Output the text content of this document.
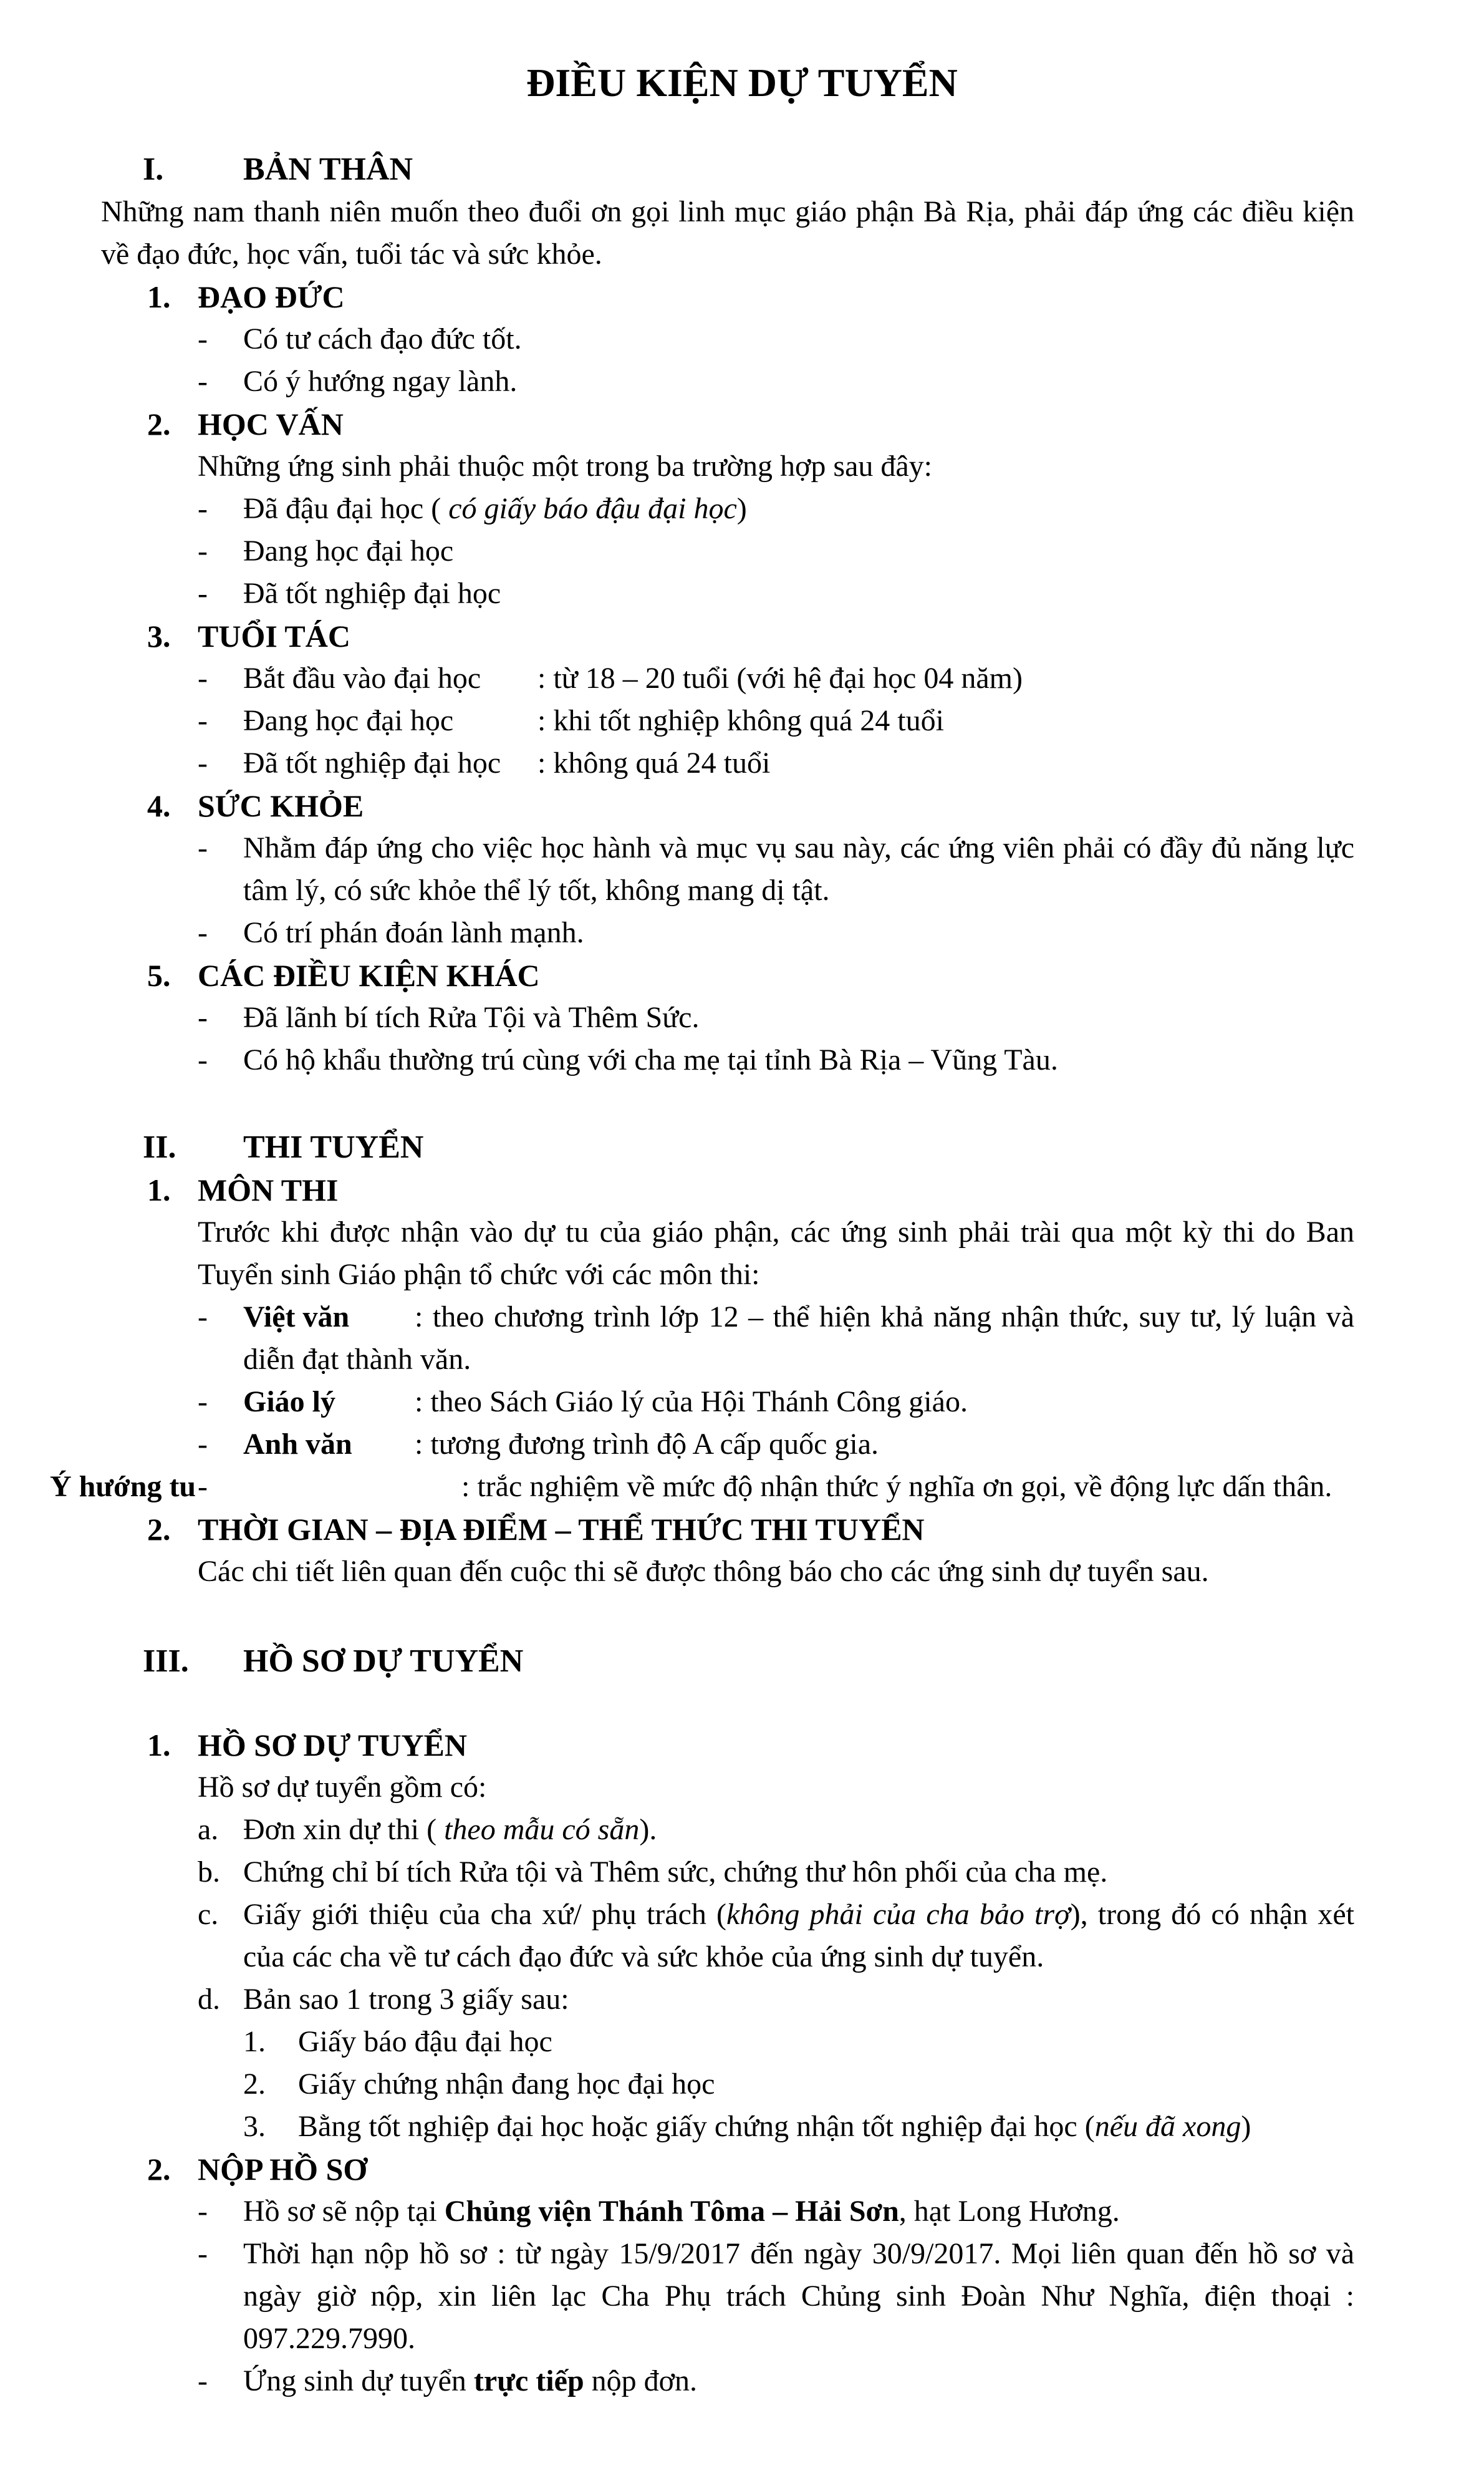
ĐIỀU KIỆN DỰ TUYỂN
I.	BẢN THÂN
Những nam thanh niên muốn theo đuổi ơn gọi linh mục giáo phận Bà Rịa, phải đáp ứng các điều kiện về đạo đức, học vấn, tuổi tác và sức khỏe.
1. ĐẠO ĐỨC
-	Có tư cách đạo đức tốt.
-	Có ý hướng ngay lành.
2. HỌC VẤN
Những ứng sinh phải thuộc một trong ba trường hợp sau đây:
-	Đã đậu đại học ( có giấy báo đậu đại học)
-	Đang học đại học
-	Đã tốt nghiệp đại học
3. TUỔI TÁC
-	Bắt đầu vào đại học : từ 18 – 20 tuổi (với hệ đại học 04 năm)
-	Đang học đại học	: khi tốt nghiệp không quá 24 tuổi
-	Đã tốt nghiệp đại học : không quá 24 tuổi
4. SỨC KHỎE
-	Nhằm đáp ứng cho việc học hành và mục vụ sau này, các ứng viên phải có đầy đủ năng lực tâm lý, có sức khỏe thể lý tốt, không mang dị tật.
-	Có trí phán đoán lành mạnh.
5. CÁC ĐIỀU KIỆN KHÁC
-	Đã lãnh bí tích Rửa Tội và Thêm Sức.
-	Có hộ khẩu thường trú cùng với cha mẹ tại tỉnh Bà Rịa – Vũng Tàu.
II.	THI TUYỂN
1. MÔN THI
Trước khi được nhận vào dự tu của giáo phận, các ứng sinh phải trài qua một kỳ thi do Ban Tuyển sinh Giáo phận tổ chức với các môn thi:
-	Việt văn : theo chương trình lớp 12 – thể hiện khả năng nhận thức, suy tư, lý luận và diễn đạt thành văn.
-	Giáo lý	: theo Sách Giáo lý của Hội Thánh Công giáo.
-	Anh văn : tương đương trình độ A cấp quốc gia.
-
Ý hướng tu	: trắc nghiệm về mức độ nhận thức ý nghĩa ơn gọi, về động lực dấn thân.
2. THỜI GIAN – ĐỊA ĐIỂM – THỂ THỨC THI TUYỂN
Các chi tiết liên quan đến cuộc thi sẽ được thông báo cho các ứng sinh dự tuyển sau.
III.	HỒ SƠ DỰ TUYỂN
1. HỒ SƠ DỰ TUYỂN
Hồ sơ dự tuyển gồm có:
a. Đơn xin dự thi ( theo mẫu có sẵn).
b. Chứng chỉ bí tích Rửa tội và Thêm sức, chứng thư hôn phối của cha mẹ.
c. Giấy giới thiệu của cha xứ/ phụ trách (không phải của cha bảo trợ), trong đó có nhận xét của các cha về tư cách đạo đức và sức khỏe của ứng sinh dự tuyển.
d. Bản sao 1 trong 3 giấy sau:
1.	Giấy báo đậu đại học
2.	Giấy chứng nhận đang học đại học
3.	Bằng tốt nghiệp đại học hoặc giấy chứng nhận tốt nghiệp đại học (nếu đã xong)
2. NỘP HỒ SƠ
-	Hồ sơ sẽ nộp tại Chủng viện Thánh Tôma – Hải Sơn, hạt Long Hương.
-	Thời hạn nộp hồ sơ : từ ngày 15/9/2017 đến ngày 30/9/2017. Mọi liên quan đến hồ sơ và ngày giờ nộp, xin liên lạc Cha Phụ trách Chủng sinh Đoàn Như Nghĩa, điện thoại : 097.229.7990.
-	Ứng sinh dự tuyển trực tiếp nộp đơn.
